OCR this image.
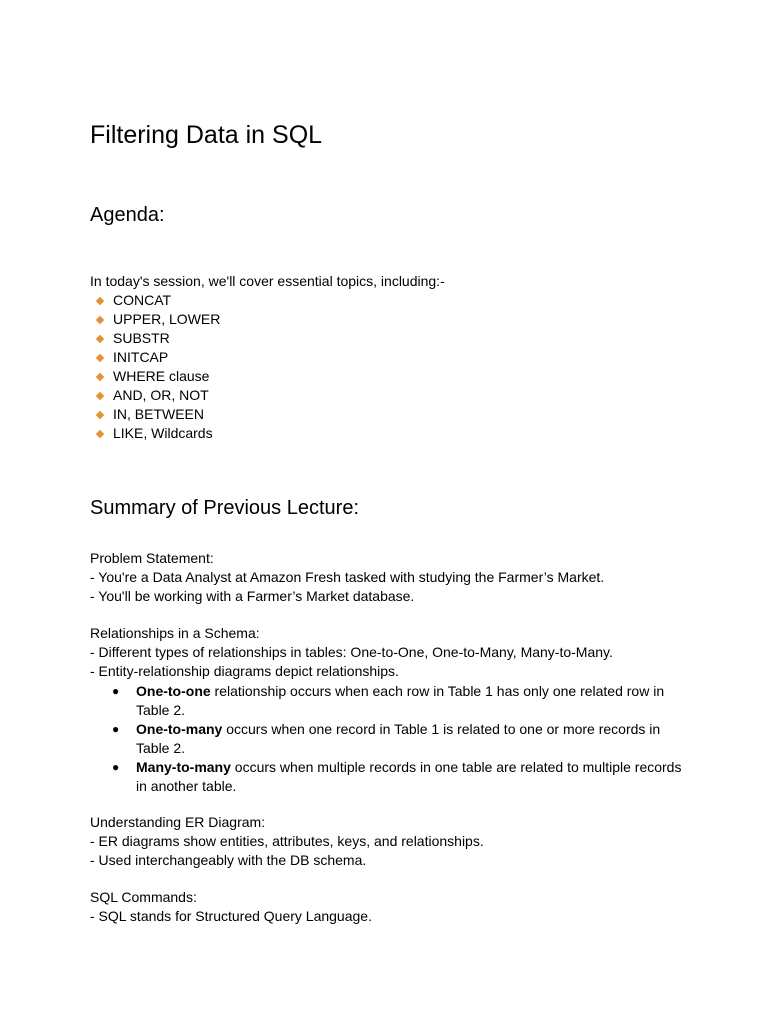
Filtering Data in SQL
Agenda:

In today's session, we'll cover essential topics, including:-

CONCAT
UPPER, LOWER
SUBSTR
INITCAP
WHERE clause
AND, OR, NOT
IN, BETWEEN
LIKE, Wildcards
Summary of Previous Lecture:

Problem Statement:

- You're a Data Analyst at Amazon Fresh tasked with studying the Farmer’s Market.

- You'll be working with a Farmer’s Market database.

Relationships in a Schema:

- Different types of relationships in tables: One-to-One, One-to-Many, Many-to-Many.

- Entity-relationship diagrams depict relationships.

● One-to-one relationship occurs when each row in Table 1 has only one related row in
Table 2.
● One-to-many occurs when one record in Table 1 is related to one or more records in
Table 2.
● Many-to-many occurs when multiple records in one table are related to multiple records
in another table.

Understanding ER Diagram:

- ER diagrams show entities, attributes, keys, and relationships.

- Used interchangeably with the DB schema.

SQL Commands:

- SQL stands for Structured Query Language.
